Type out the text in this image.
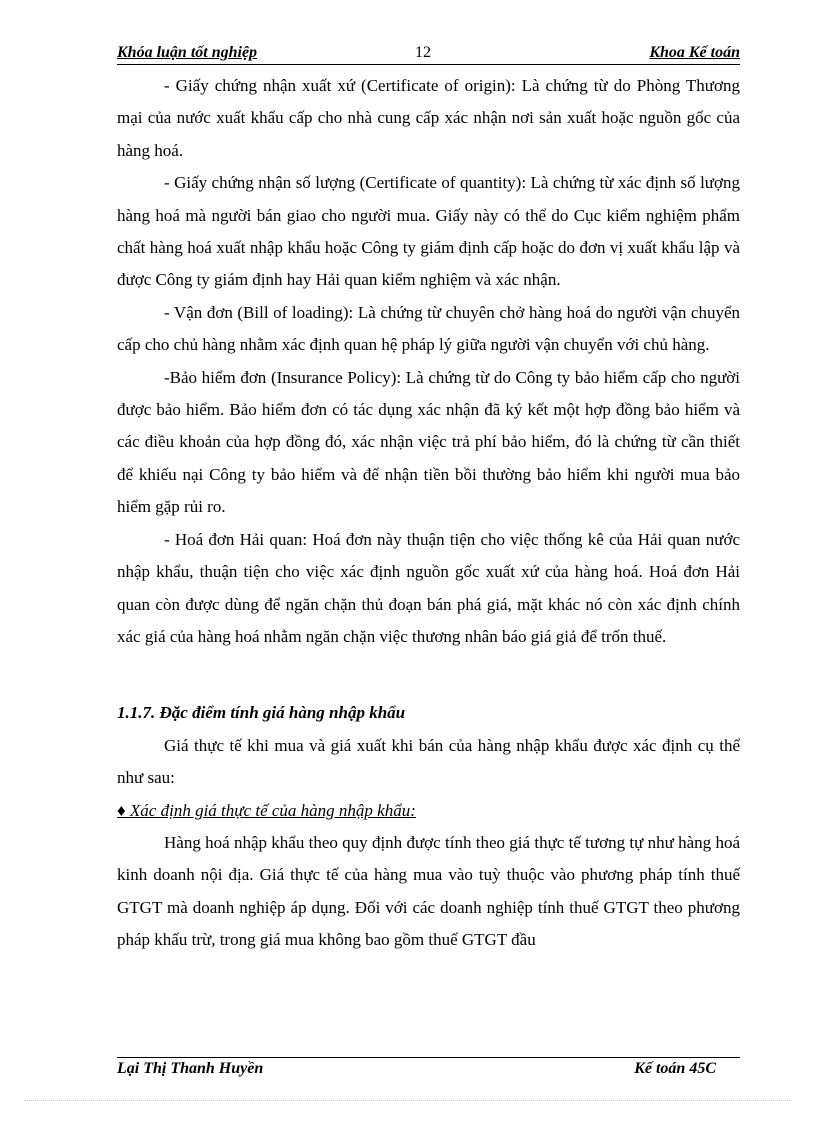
Khóa luận tốt nghiệp	12	Khoa Kế toán

- Giấy chứng nhận xuất xứ (Certificate of origin): Là chứng từ do Phòng Thương mại của nước xuất khẩu cấp cho nhà cung cấp xác nhận nơi sản xuất hoặc nguồn gốc của hàng hoá.

- Giấy chứng nhận số lượng (Certificate of quantity): Là chứng từ xác định số lượng hàng hoá mà người bán giao cho người mua. Giấy này có thể do Cục kiểm nghiệm phẩm chất hàng hoá xuất nhập khẩu hoặc Công ty giám định cấp hoặc do đơn vị xuất khẩu lập và được Công ty giám định hay Hải quan kiểm nghiệm và xác nhận.

- Vận đơn (Bill of loading): Là chứng từ chuyên chở hàng hoá do người vận chuyển cấp cho chủ hàng nhằm xác định quan hệ pháp lý giữa người vận chuyển với chủ hàng.

-Bảo hiểm đơn (Insurance Policy): Là chứng từ do Công ty bảo hiểm cấp cho người được bảo hiểm. Bảo hiểm đơn có tác dụng xác nhận đã ký kết một hợp đồng bảo hiểm và các điều khoản của hợp đồng đó, xác nhận việc trả phí bảo hiểm, đó là chứng từ cần thiết để khiếu nại Công ty bảo hiểm và để nhận tiền bồi thường bảo hiểm khi người mua bảo hiểm gặp rủi ro.

- Hoá đơn Hải quan: Hoá đơn này thuận tiện cho việc thống kê của Hải quan nước nhập khẩu, thuận tiện cho việc xác định nguồn gốc xuất xứ của hàng hoá. Hoá đơn Hải quan còn được dùng để ngăn chặn thủ đoạn bán phá giá, mặt khác nó còn xác định chính xác giá của hàng hoá nhằm ngăn chặn việc thương nhân báo giá giả để trốn thuế.

1.1.7. Đặc điểm tính giá hàng nhập khẩu

Giá thực tế khi mua và giá xuất khi bán của hàng nhập khẩu được xác định cụ thể như sau:

♦ Xác định giá thực tế của hàng nhập khẩu:

Hàng hoá nhập khẩu theo quy định được tính theo giá thực tế tương tự như hàng hoá kinh doanh nội địa. Giá thực tế của hàng mua vào tuỳ thuộc vào phương pháp tính thuế GTGT mà doanh nghiệp áp dụng. Đối với các doanh nghiệp tính thuế GTGT theo phương pháp khấu trừ, trong giá mua không bao gồm thuế GTGT đầu

Lại Thị Thanh Huyền	Kế toán 45C
